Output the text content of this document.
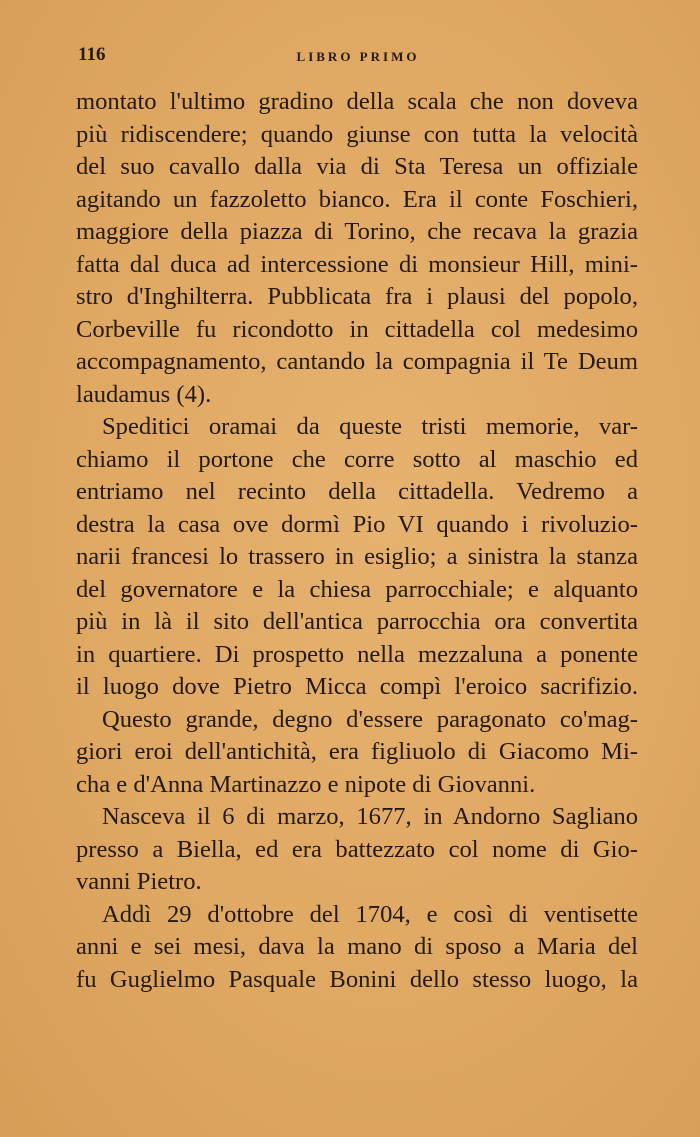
116	LIBRO PRIMO
montato l'ultimo gradino della scala che non doveva
più ridiscendere; quando giunse con tutta la velocità
del suo cavallo dalla via di Sta Teresa un offiziale
agitando un fazzoletto bianco. Era il conte Foschieri,
maggiore della piazza di Torino, che recava la grazia
fatta dal duca ad intercessione di monsieur Hill, mini-
stro d'Inghilterra. Pubblicata fra i plausi del popolo,
Corbeville fu ricondotto in cittadella col medesimo
accompagnamento, cantando la compagnia il Te Deum
laudamus (4).
Speditici oramai da queste tristi memorie, var-
chiamo il portone che corre sotto al maschio ed
entriamo nel recinto della cittadella. Vedremo a
destra la casa ove dormì Pio VI quando i rivoluzio-
narii francesi lo trassero in esiglio; a sinistra la stanza
del governatore e la chiesa parrocchiale; e alquanto
più in là il sito dell'antica parrocchia ora convertita
in quartiere. Di prospetto nella mezzaluna a ponente
il luogo dove Pietro Micca compì l'eroico sacrifizio.
Questo grande, degno d'essere paragonato co'mag-
giori eroi dell'antichità, era figliuolo di Giacomo Mi-
cha e d'Anna Martinazzo e nipote di Giovanni.
Nasceva il 6 di marzo, 1677, in Andorno Sagliano
presso a Biella, ed era battezzato col nome di Gio-
vanni Pietro.
Addì 29 d'ottobre del 1704, e così di ventisette
anni e sei mesi, dava la mano di sposo a Maria del
fu Guglielmo Pasquale Bonini dello stesso luogo, la
